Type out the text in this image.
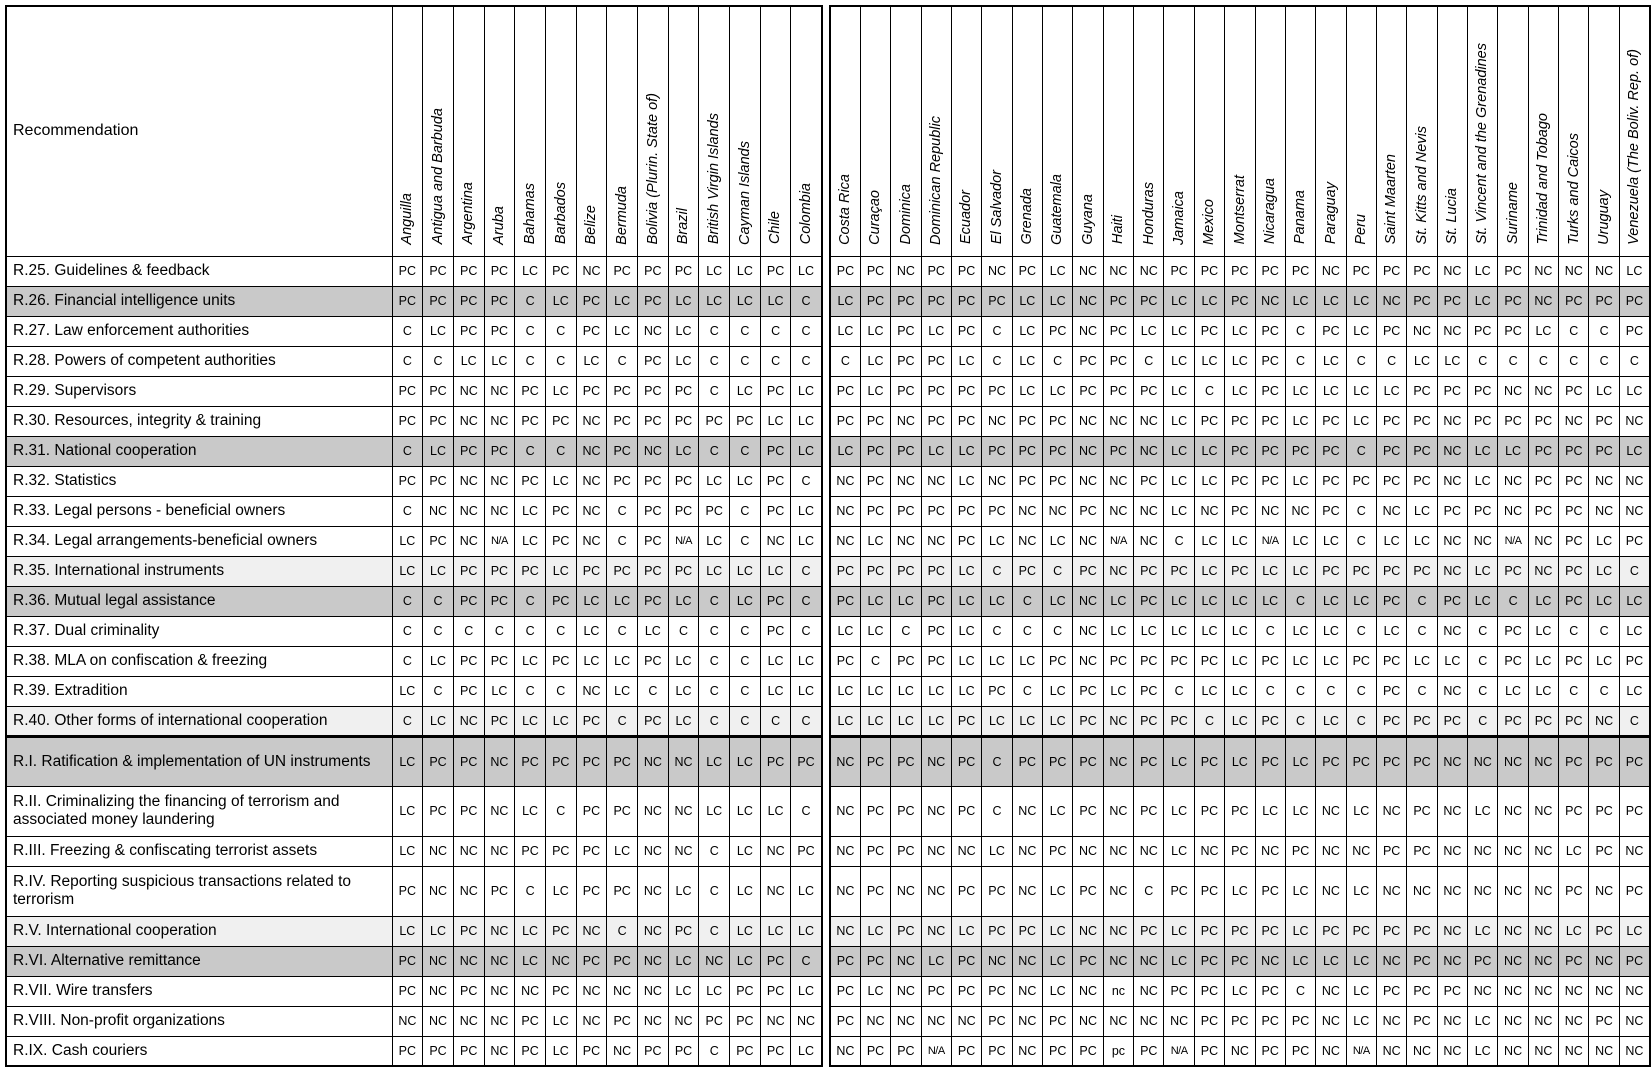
Recommendation	Anguilla	Antigua and Barbuda	Argentina	Aruba	Bahamas	Barbados	Belize	Bermuda	Bolivia (Plurin. State of)	Brazil	British Virgin Islands	Cayman Islands	Chile	Colombia
R.25. Guidelines & feedback	PC	PC	PC	PC	LC	PC	NC	PC	PC	PC	LC	LC	PC	LC
R.26. Financial intelligence units	PC	PC	PC	PC	C	LC	PC	LC	PC	LC	LC	LC	LC	C
R.27. Law enforcement authorities	C	LC	PC	PC	C	C	PC	LC	NC	LC	C	C	C	C
R.28. Powers of competent authorities	C	C	LC	LC	C	C	LC	C	PC	LC	C	C	C	C
R.29. Supervisors	PC	PC	NC	NC	PC	LC	PC	PC	PC	PC	C	LC	PC	LC
R.30. Resources, integrity & training	PC	PC	NC	NC	PC	PC	NC	PC	PC	PC	PC	PC	LC	LC
R.31. National cooperation	C	LC	PC	PC	C	C	NC	PC	NC	LC	C	C	PC	LC
R.32. Statistics	PC	PC	NC	NC	PC	LC	NC	PC	PC	PC	LC	LC	PC	C
R.33. Legal persons - beneficial owners	C	NC	NC	NC	LC	PC	NC	C	PC	PC	PC	C	PC	LC
R.34. Legal arrangements-beneficial owners	LC	PC	NC	N/A	LC	PC	NC	C	PC	N/A	LC	C	NC	LC
R.35. International instruments	LC	LC	PC	PC	PC	LC	PC	PC	PC	PC	LC	LC	LC	C
R.36. Mutual legal assistance	C	C	PC	PC	C	PC	LC	LC	PC	LC	C	LC	PC	C
R.37. Dual criminality	C	C	C	C	C	C	LC	C	LC	C	C	C	PC	C
R.38. MLA on confiscation & freezing	C	LC	PC	PC	LC	PC	LC	LC	PC	LC	C	C	LC	LC
R.39. Extradition	LC	C	PC	LC	C	C	NC	LC	C	LC	C	C	LC	LC
R.40. Other forms of international cooperation	C	LC	NC	PC	LC	LC	PC	C	PC	LC	C	C	C	C
R.I. Ratification & implementation of UN instruments	LC	PC	PC	NC	PC	PC	PC	PC	NC	NC	LC	LC	PC	PC
R.II. Criminalizing the financing of terrorism and associated money laundering	LC	PC	PC	NC	LC	C	PC	PC	NC	NC	LC	LC	LC	C
R.III. Freezing & confiscating terrorist assets	LC	NC	NC	NC	PC	PC	PC	LC	NC	NC	C	LC	NC	PC
R.IV. Reporting suspicious transactions related to terrorism	PC	NC	NC	PC	C	LC	PC	PC	NC	LC	C	LC	NC	LC
R.V. International cooperation	LC	LC	PC	NC	LC	PC	NC	C	NC	PC	C	LC	LC	LC
R.VI. Alternative remittance	PC	NC	NC	NC	LC	NC	PC	PC	NC	LC	NC	LC	PC	C
R.VII. Wire transfers	PC	NC	PC	NC	NC	PC	NC	NC	NC	LC	LC	PC	PC	LC
R.VIII. Non-profit organizations	NC	NC	NC	NC	PC	LC	NC	PC	NC	NC	PC	PC	NC	NC
R.IX. Cash couriers	PC	PC	PC	NC	PC	LC	PC	NC	PC	PC	C	PC	PC	LC
Costa Rica	Curaçao	Dominica	Dominican Republic	Ecuador	El Salvador	Grenada	Guatemala	Guyana	Haiti	Honduras	Jamaica	Mexico	Montserrat	Nicaragua	Panama	Paraguay	Peru	Saint Maarten	St. Kitts and Nevis	St. Lucia	St. Vincent and the Grenadines	Suriname	Trinidad and Tobago	Turks and Caicos	Uruguay	Venezuela (The Boliv. Rep. of)
PC	PC	NC	PC	PC	NC	PC	LC	NC	NC	NC	PC	PC	PC	PC	PC	NC	PC	PC	PC	NC	LC	PC	NC	NC	NC	LC
LC	PC	PC	PC	PC	PC	LC	LC	NC	PC	PC	LC	LC	PC	NC	LC	LC	LC	NC	PC	PC	LC	PC	NC	PC	PC	PC
LC	LC	PC	LC	PC	C	LC	PC	NC	PC	LC	LC	PC	LC	PC	C	PC	LC	PC	NC	NC	PC	PC	LC	C	C	PC
C	LC	PC	PC	LC	C	LC	C	PC	PC	C	LC	LC	LC	PC	C	LC	C	C	LC	LC	C	C	C	C	C	C
PC	LC	PC	PC	PC	PC	LC	LC	PC	PC	PC	LC	C	LC	PC	LC	LC	LC	LC	PC	PC	PC	NC	NC	PC	LC	LC
PC	PC	NC	PC	PC	NC	PC	PC	NC	NC	NC	LC	PC	PC	PC	LC	PC	LC	PC	PC	NC	PC	PC	PC	NC	PC	NC
LC	PC	PC	LC	LC	PC	PC	PC	NC	PC	NC	LC	LC	PC	PC	PC	PC	C	PC	PC	NC	LC	LC	PC	PC	PC	LC
NC	PC	NC	NC	LC	NC	PC	PC	NC	NC	PC	LC	LC	PC	PC	LC	PC	PC	PC	PC	NC	LC	NC	PC	PC	NC	NC
NC	PC	PC	PC	PC	PC	NC	NC	PC	NC	NC	LC	NC	PC	NC	NC	PC	C	NC	LC	PC	PC	NC	PC	PC	NC	NC
NC	LC	NC	NC	PC	LC	NC	LC	NC	N/A	NC	C	LC	LC	N/A	LC	LC	C	LC	LC	NC	NC	N/A	NC	PC	LC	PC
PC	PC	PC	PC	LC	C	PC	C	PC	NC	PC	PC	LC	PC	LC	LC	PC	PC	PC	PC	NC	LC	PC	NC	PC	LC	C
PC	LC	LC	PC	LC	LC	C	LC	NC	LC	PC	LC	LC	LC	LC	C	LC	LC	PC	C	PC	LC	C	LC	PC	LC	LC
LC	LC	C	PC	LC	C	C	C	NC	LC	LC	LC	LC	LC	C	LC	LC	C	LC	C	NC	C	PC	LC	C	C	LC
PC	C	PC	PC	LC	LC	LC	PC	NC	PC	PC	PC	PC	LC	PC	LC	LC	PC	PC	LC	LC	C	PC	LC	PC	LC	PC
LC	LC	LC	LC	LC	PC	C	LC	PC	LC	PC	C	LC	LC	C	C	C	C	PC	C	NC	C	LC	LC	C	C	LC
LC	LC	LC	LC	PC	LC	LC	LC	PC	NC	PC	PC	C	LC	PC	C	LC	C	PC	PC	PC	C	PC	PC	PC	NC	C
NC	PC	PC	NC	PC	C	PC	PC	PC	NC	PC	LC	PC	LC	PC	LC	PC	PC	PC	PC	NC	NC	NC	NC	PC	PC	PC
NC	PC	PC	NC	PC	C	NC	LC	PC	NC	PC	LC	PC	PC	LC	LC	NC	LC	NC	PC	NC	LC	NC	NC	PC	PC	PC
NC	PC	PC	NC	NC	LC	NC	PC	NC	NC	NC	LC	NC	PC	NC	PC	NC	NC	PC	PC	NC	NC	NC	NC	LC	PC	NC
NC	PC	NC	NC	PC	PC	NC	LC	PC	NC	C	PC	PC	LC	PC	LC	NC	LC	NC	NC	NC	NC	NC	NC	PC	NC	PC
NC	LC	PC	NC	LC	PC	PC	LC	NC	NC	PC	LC	PC	PC	PC	LC	PC	PC	PC	PC	NC	LC	NC	NC	LC	PC	LC
PC	PC	NC	LC	PC	NC	NC	LC	PC	NC	NC	LC	PC	PC	NC	LC	LC	LC	NC	PC	NC	PC	NC	NC	PC	NC	PC
PC	LC	NC	PC	PC	PC	NC	LC	NC	nc	NC	PC	PC	LC	PC	C	NC	LC	PC	PC	PC	NC	NC	NC	NC	NC	NC
PC	NC	NC	NC	NC	PC	NC	PC	NC	NC	NC	NC	PC	PC	PC	PC	NC	LC	NC	PC	NC	LC	NC	NC	NC	PC	NC
NC	PC	PC	N/A	PC	PC	NC	PC	PC	pc	PC	N/A	PC	NC	PC	PC	NC	N/A	NC	NC	NC	LC	NC	NC	NC	NC	NC
